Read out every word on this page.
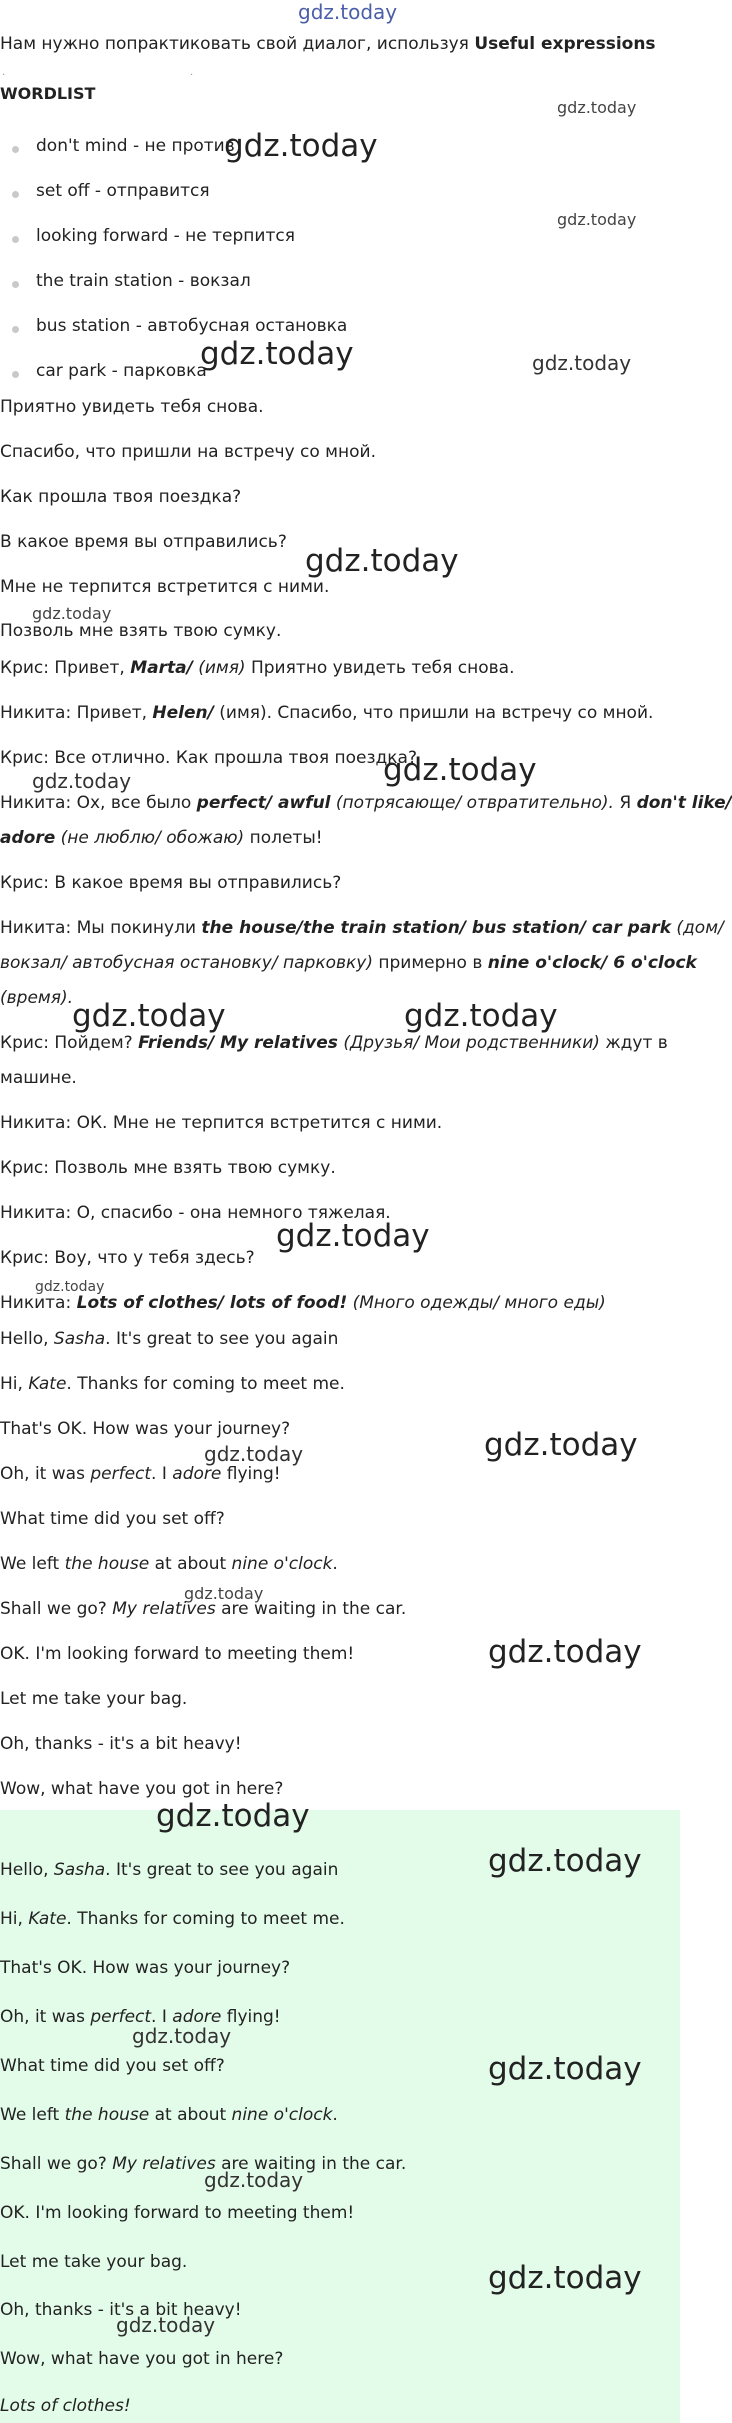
gdz.today
Нам нужно попрактиковать свой диалог, используя Useful expressions
·	·
WORDLIST
don't mind - не против
set off - отправится
looking forward - не терпится
the train station - вокзал
bus station - автобусная остановка
car park - парковка
Приятно увидеть тебя снова.
Спасибо, что пришли на встречу со мной.
Как прошла твоя поездка?
В какое время вы отправились?
Мне не терпится встретится с ними.
Позволь мне взять твою сумку.
Крис: Привет, Marta/ (имя) Приятно увидеть тебя снова.
Никита: Привет, Helen/ (имя). Спасибо, что пришли на встречу со мной.
Крис: Все отлично. Как прошла твоя поездка?
Никита: Ох, все было perfect/ awful (потрясающе/ отвратительно). Я don't like/
adore (не люблю/ обожаю) полеты!
Крис: В какое время вы отправились?
Никита: Мы покинули the house/the train station/ bus station/ car park (дом/
вокзал/ автобусная остановку/ парковку) примерно в nine o'clock/ 6 o'clock
(время).
Крис: Пойдем? Friends/ My relatives (Друзья/ Мои родственники) ждут в
машине.
Никита: ОК. Мне не терпится встретится с ними.
Крис: Позволь мне взять твою сумку.
Никита: О, спасибо - она немного тяжелая.
Крис: Воу, что у тебя здесь?
Никита: Lots of clothes/ lots of food! (Много одежды/ много еды)
Hello, Sasha. It's great to see you again
Hi, Kate. Thanks for coming to meet me.
That's OK. How was your journey?
Oh, it was perfect. I adore flying!
What time did you set off?
We left the house at about nine o'clock.
Shall we go? My relatives are waiting in the car.
OK. I'm looking forward to meeting them!
Let me take your bag.
Oh, thanks - it's a bit heavy!
Wow, what have you got in here?
Hello, Sasha. It's great to see you again
Hi, Kate. Thanks for coming to meet me.
That's OK. How was your journey?
Oh, it was perfect. I adore flying!
What time did you set off?
We left the house at about nine o'clock.
Shall we go? My relatives are waiting in the car.
OK. I'm looking forward to meeting them!
Let me take your bag.
Oh, thanks - it's a bit heavy!
Wow, what have you got in here?
Lots of clothes!
gdz.today
gdz.today
gdz.today
gdz.today	gdz.today
gdz.today
gdz.today
gdz.today
gdz.today
gdz.today	gdz.today
gdz.today
gdz.today
gdz.today
gdz.today
gdz.today
gdz.today
gdz.today
gdz.today
gdz.today
gdz.today
gdz.today
gdz.today
gdz.today
